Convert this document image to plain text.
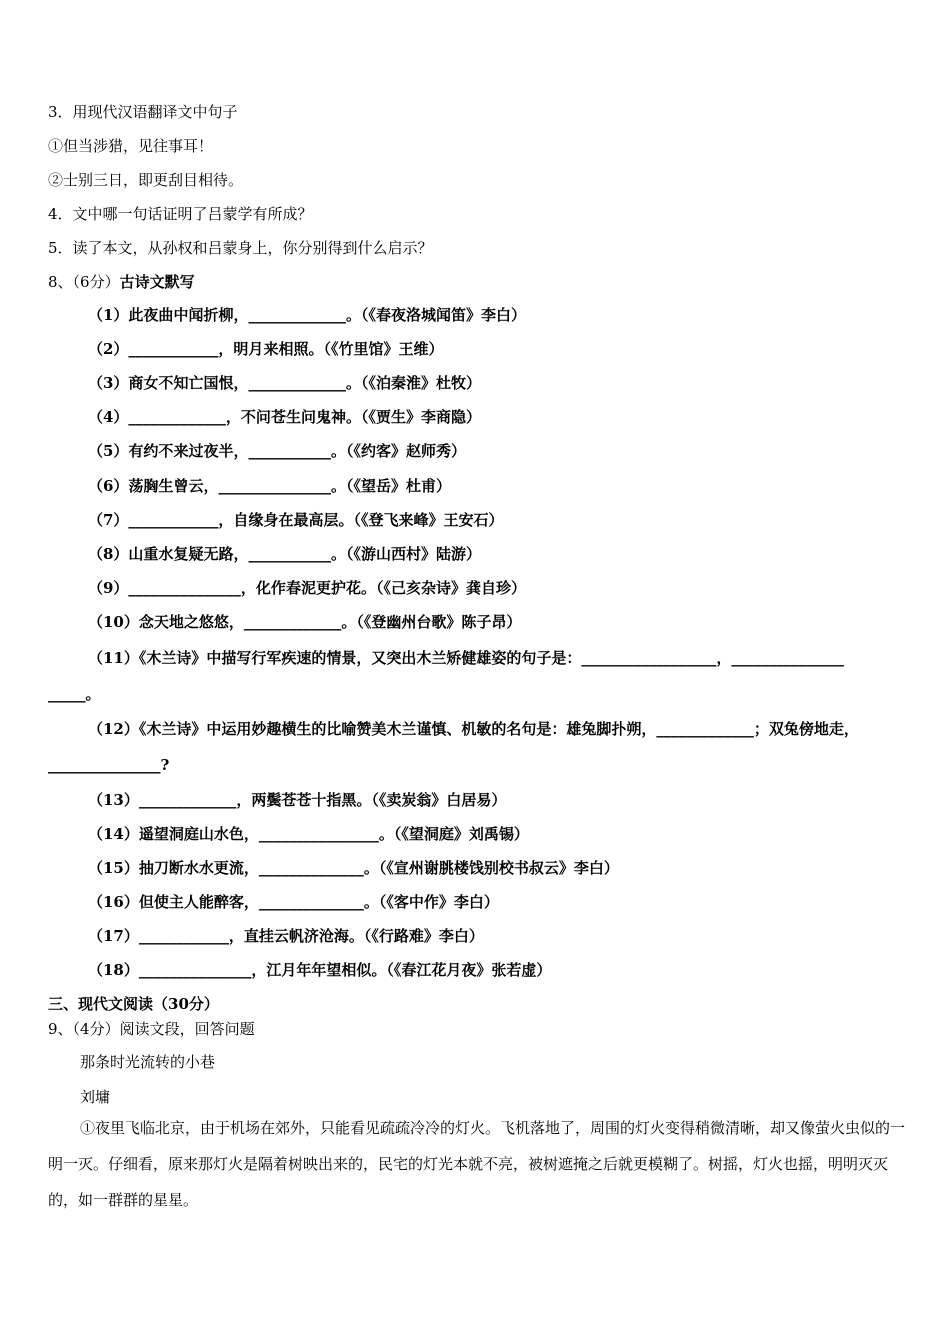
3．用现代汉语翻译文中句子
①但当涉猎，见往事耳！
②士别三日，即更刮目相待。
4．文中哪一句话证明了吕蒙学有所成？
5．读了本文，从孙权和吕蒙身上，你分别得到什么启示？
8、（6分）古诗文默写
（1）此夜曲中闻折柳，_____________。（《春夜洛城闻笛》李白）
（2）____________，明月来相照。（《竹里馆》王维）
（3）商女不知亡国恨，_____________。（《泊秦淮》杜牧）
（4）_____________，不问苍生问鬼神。（《贾生》李商隐）
（5）有约不来过夜半，___________。（《约客》赵师秀）
（6）荡胸生曾云，_______________。（《望岳》杜甫）
（7）____________，自缘身在最高层。（《登飞来峰》王安石）
（8）山重水复疑无路，___________。（《游山西村》陆游）
（9）_______________，化作春泥更护花。（《己亥杂诗》龚自珍）
（10）念天地之悠悠，_____________。（《登幽州台歌》陈子昂）
（11）《木兰诗》中描写行军疾速的情景，又突出木兰矫健雄姿的句子是：__________________，_______________
_____。
（12）《木兰诗》中运用妙趣横生的比喻赞美木兰谨慎、机敏的名句是：雄兔脚扑朔，_____________；双兔傍地走，
_______________?
（13）_____________，两鬓苍苍十指黑。（《卖炭翁》白居易）
（14）遥望洞庭山水色，________________。（《望洞庭》刘禹锡）
（15）抽刀断水水更流，______________。（《宣州谢朓楼饯别校书叔云》李白）
（16）但使主人能醉客，______________。（《客中作》李白）
（17）____________，直挂云帆济沧海。（《行路难》李白）
（18）_______________，江月年年望相似。（《春江花月夜》张若虚）
三、现代文阅读（30分）
9、（4分）阅读文段，回答问题
那条时光流转的小巷
刘墉
①夜里飞临北京，由于机场在郊外，只能看见疏疏冷冷的灯火。飞机落地了，周围的灯火变得稍微清晰，却又像萤火虫似的一明一灭。仔细看，原来那灯火是隔着树映出来的，民宅的灯光本就不亮，被树遮掩之后就更模糊了。树摇，灯火也摇，明明灭灭的，如一群群的星星。
